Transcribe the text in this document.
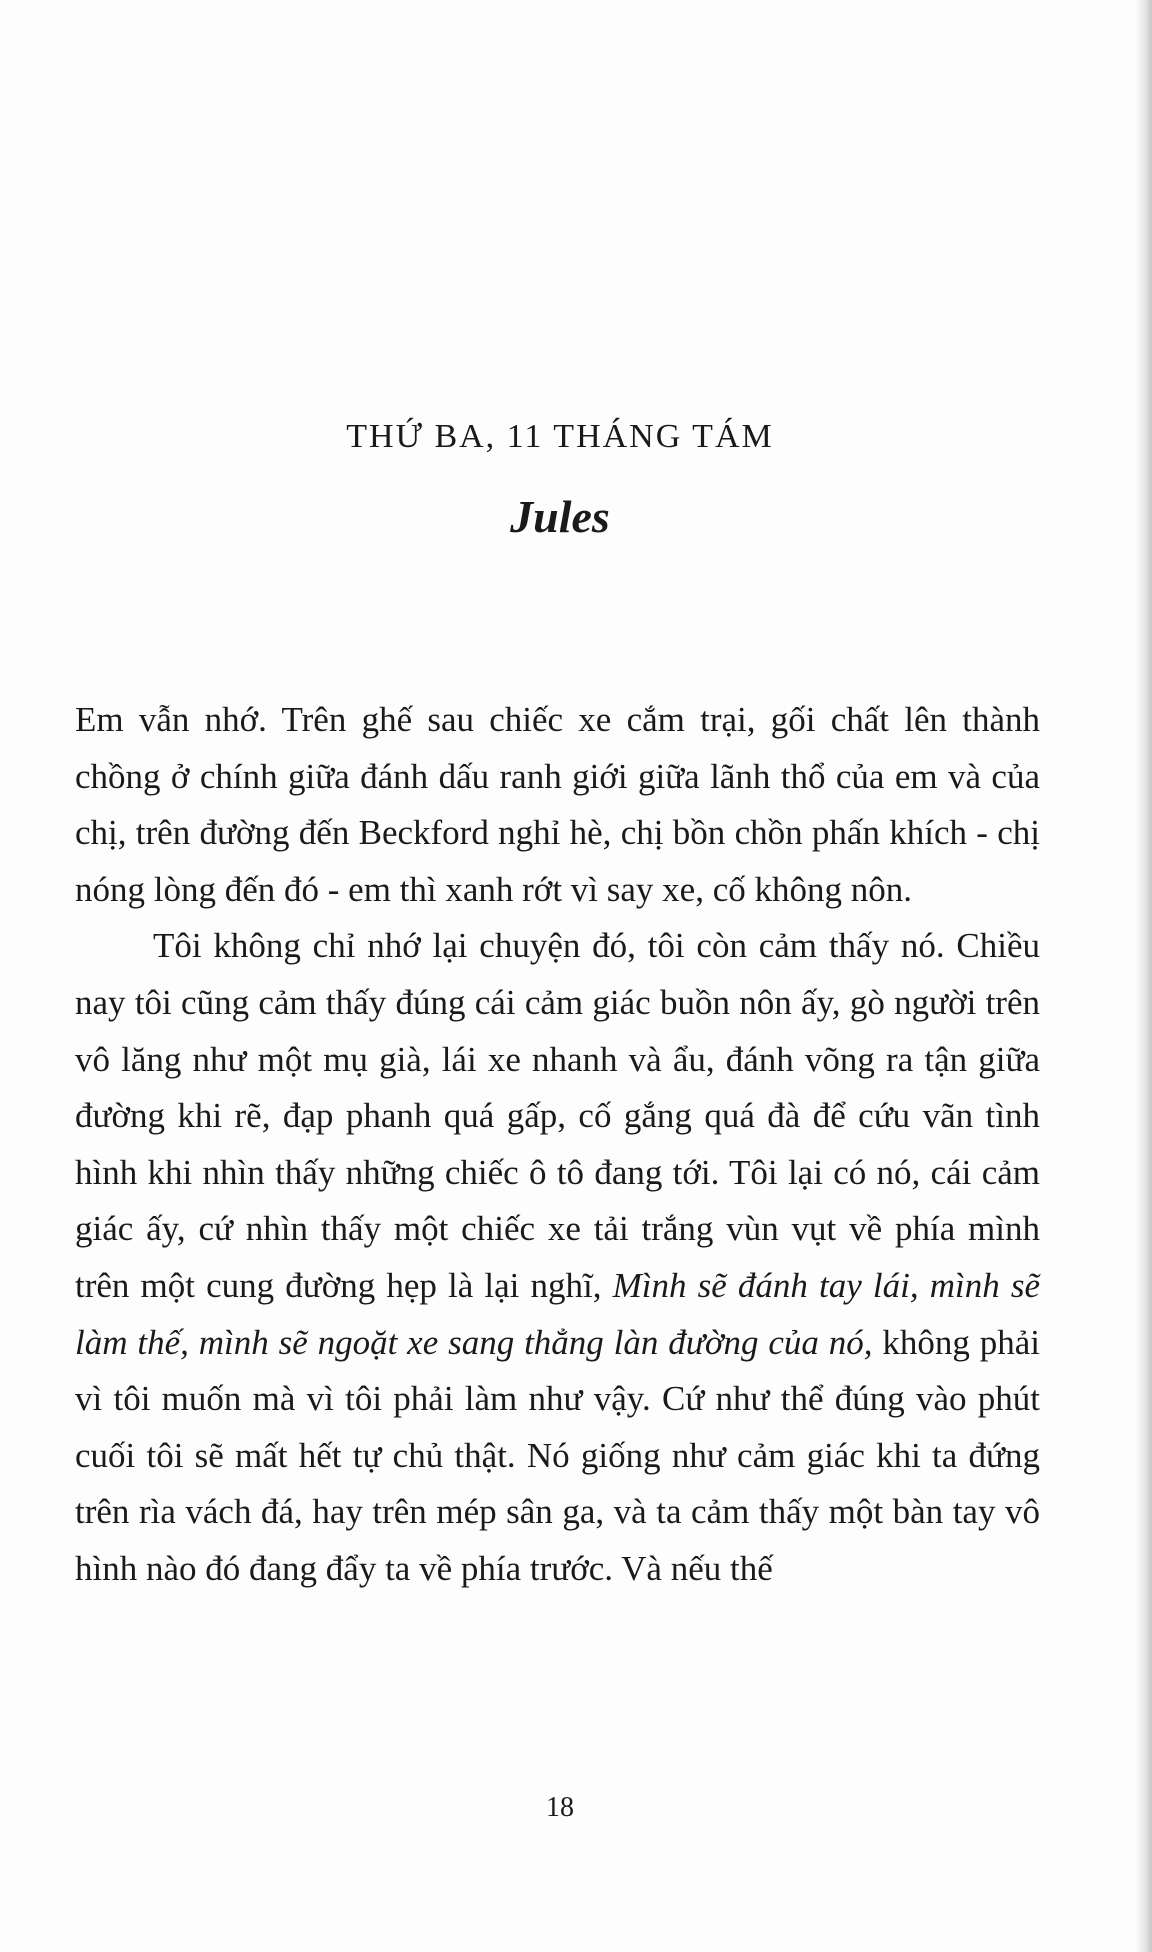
THỨ BA, 11 THÁNG TÁM
Jules

Em vẫn nhớ. Trên ghế sau chiếc xe cắm trại, gối chất lên thành chồng ở chính giữa đánh dấu ranh giới giữa lãnh thổ của em và của chị, trên đường đến Beckford nghỉ hè, chị bồn chồn phấn khích - chị nóng lòng đến đó - em thì xanh rớt vì say xe, cố không nôn.

Tôi không chỉ nhớ lại chuyện đó, tôi còn cảm thấy nó. Chiều nay tôi cũng cảm thấy đúng cái cảm giác buồn nôn ấy, gò người trên vô lăng như một mụ già, lái xe nhanh và ẩu, đánh võng ra tận giữa đường khi rẽ, đạp phanh quá gấp, cố gắng quá đà để cứu vãn tình hình khi nhìn thấy những chiếc ô tô đang tới. Tôi lại có nó, cái cảm giác ấy, cứ nhìn thấy một chiếc xe tải trắng vùn vụt về phía mình trên một cung đường hẹp là lại nghĩ, Mình sẽ đánh tay lái, mình sẽ làm thế, mình sẽ ngoặt xe sang thẳng làn đường của nó, không phải vì tôi muốn mà vì tôi phải làm như vậy. Cứ như thể đúng vào phút cuối tôi sẽ mất hết tự chủ thật. Nó giống như cảm giác khi ta đứng trên rìa vách đá, hay trên mép sân ga, và ta cảm thấy một bàn tay vô hình nào đó đang đẩy ta về phía trước. Và nếu thế

18
